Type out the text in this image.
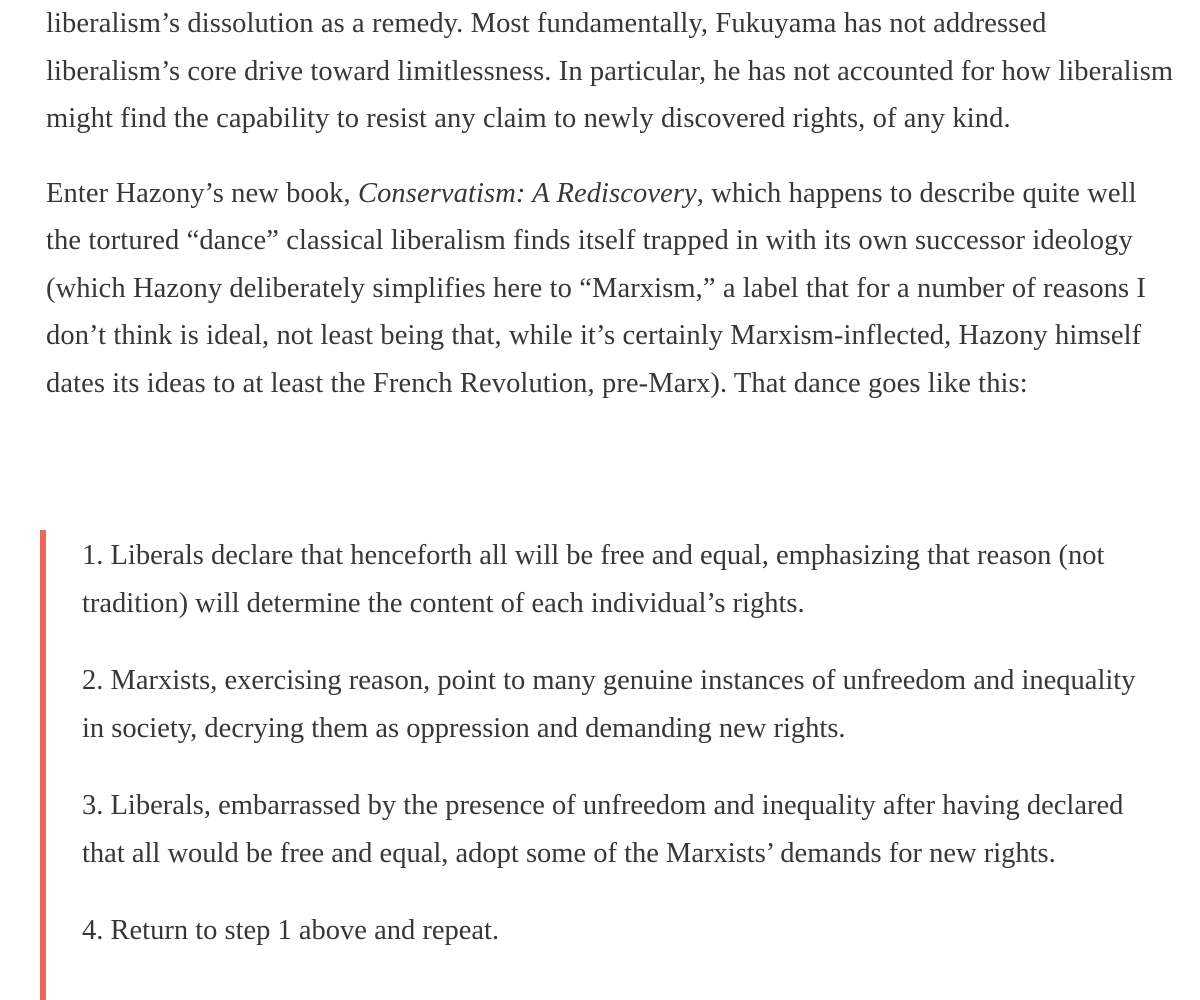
liberalism’s dissolution as a remedy. Most fundamentally, Fukuyama has not addressed liberalism’s core drive toward limitlessness. In particular, he has not accounted for how liberalism might find the capability to resist any claim to newly discovered rights, of any kind.

Enter Hazony’s new book, Conservatism: A Rediscovery, which happens to describe quite well the tortured “dance” classical liberalism finds itself trapped in with its own successor ideology (which Hazony deliberately simplifies here to “Marxism,” a label that for a number of reasons I don’t think is ideal, not least being that, while it’s certainly Marxism-inflected, Hazony himself dates its ideas to at least the French Revolution, pre-Marx). That dance goes like this:

1. Liberals declare that henceforth all will be free and equal, emphasizing that reason (not tradition) will determine the content of each individual’s rights.

2. Marxists, exercising reason, point to many genuine instances of unfreedom and inequality in society, decrying them as oppression and demanding new rights.

3. Liberals, embarrassed by the presence of unfreedom and inequality after having declared that all would be free and equal, adopt some of the Marxists’ demands for new rights.

4. Return to step 1 above and repeat.
